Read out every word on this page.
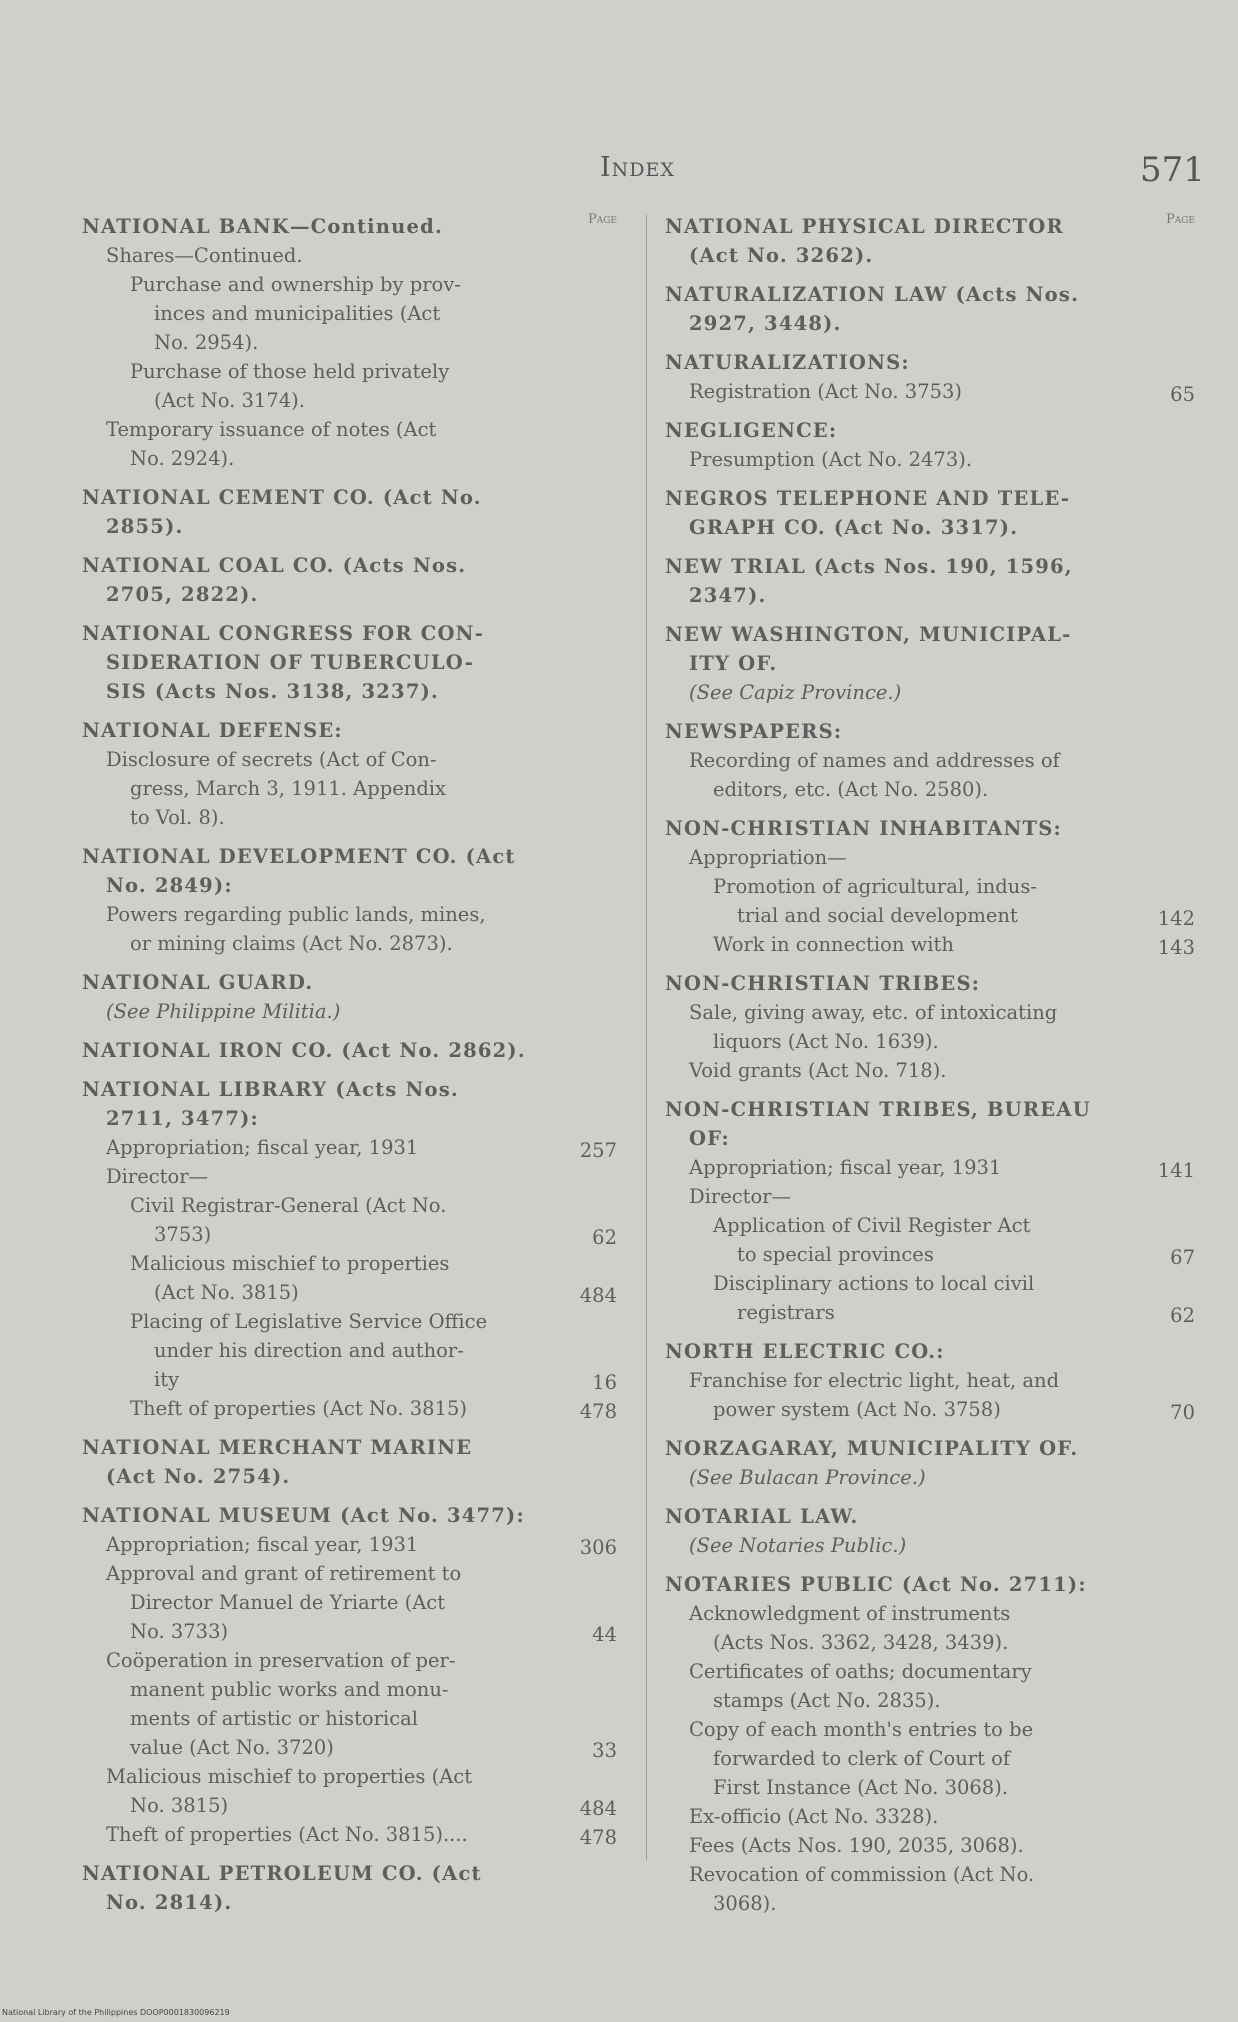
Index	571
Page
NATIONAL BANK—Continued.
Shares—Continued.
Purchase and ownership by prov-
inces and municipalities (Act
No. 2954).
Purchase of those held privately
(Act No. 3174).
Temporary issuance of notes (Act
No. 2924).
NATIONAL CEMENT CO. (Act No.
2855).
NATIONAL COAL CO. (Acts Nos.
2705, 2822).
NATIONAL CONGRESS FOR CON-
SIDERATION OF TUBERCULO-
SIS (Acts Nos. 3138, 3237).
NATIONAL DEFENSE:
Disclosure of secrets (Act of Con-
gress, March 3, 1911. Appendix
to Vol. 8).
NATIONAL DEVELOPMENT CO. (Act
No. 2849):
Powers regarding public lands, mines,
or mining claims (Act No. 2873).
NATIONAL GUARD.
(See Philippine Militia.)
NATIONAL IRON CO. (Act No. 2862).
NATIONAL LIBRARY (Acts Nos.
2711, 3477):
Appropriation; fiscal year, 1931	257
Director—
Civil Registrar-General (Act No.
3753)	62
Malicious mischief to properties
(Act No. 3815)	484
Placing of Legislative Service Office
under his direction and author-
ity	16
Theft of properties (Act No. 3815)	478
NATIONAL MERCHANT MARINE
(Act No. 2754).
NATIONAL MUSEUM (Act No. 3477):
Appropriation; fiscal year, 1931	306
Approval and grant of retirement to
Director Manuel de Yriarte (Act
No. 3733)	44
Coöperation in preservation of per-
manent public works and monu-
ments of artistic or historical
value (Act No. 3720)	33
Malicious mischief to properties (Act
No. 3815)	484
Theft of properties (Act No. 3815)....	478
NATIONAL PETROLEUM CO. (Act
No. 2814).
Page
NATIONAL PHYSICAL DIRECTOR
(Act No. 3262).
NATURALIZATION LAW (Acts Nos.
2927, 3448).
NATURALIZATIONS:
Registration (Act No. 3753)	65
NEGLIGENCE:
Presumption (Act No. 2473).
NEGROS TELEPHONE AND TELE-
GRAPH CO. (Act No. 3317).
NEW TRIAL (Acts Nos. 190, 1596,
2347).
NEW WASHINGTON, MUNICIPAL-
ITY OF.
(See Capiz Province.)
NEWSPAPERS:
Recording of names and addresses of
editors, etc. (Act No. 2580).
NON-CHRISTIAN INHABITANTS:
Appropriation—
Promotion of agricultural, indus-
trial and social development	142
Work in connection with	143
NON-CHRISTIAN TRIBES:
Sale, giving away, etc. of intoxicating
liquors (Act No. 1639).
Void grants (Act No. 718).
NON-CHRISTIAN TRIBES, BUREAU
OF:
Appropriation; fiscal year, 1931	141
Director—
Application of Civil Register Act
to special provinces	67
Disciplinary actions to local civil
registrars	62
NORTH ELECTRIC CO.:
Franchise for electric light, heat, and
power system (Act No. 3758)	70
NORZAGARAY, MUNICIPALITY OF.
(See Bulacan Province.)
NOTARIAL LAW.
(See Notaries Public.)
NOTARIES PUBLIC (Act No. 2711):
Acknowledgment of instruments
(Acts Nos. 3362, 3428, 3439).
Certificates of oaths; documentary
stamps (Act No. 2835).
Copy of each month's entries to be
forwarded to clerk of Court of
First Instance (Act No. 3068).
Ex-officio (Act No. 3328).
Fees (Acts Nos. 190, 2035, 3068).
Revocation of commission (Act No.
3068).
National Library of the Philippines DOOP0001830096219
